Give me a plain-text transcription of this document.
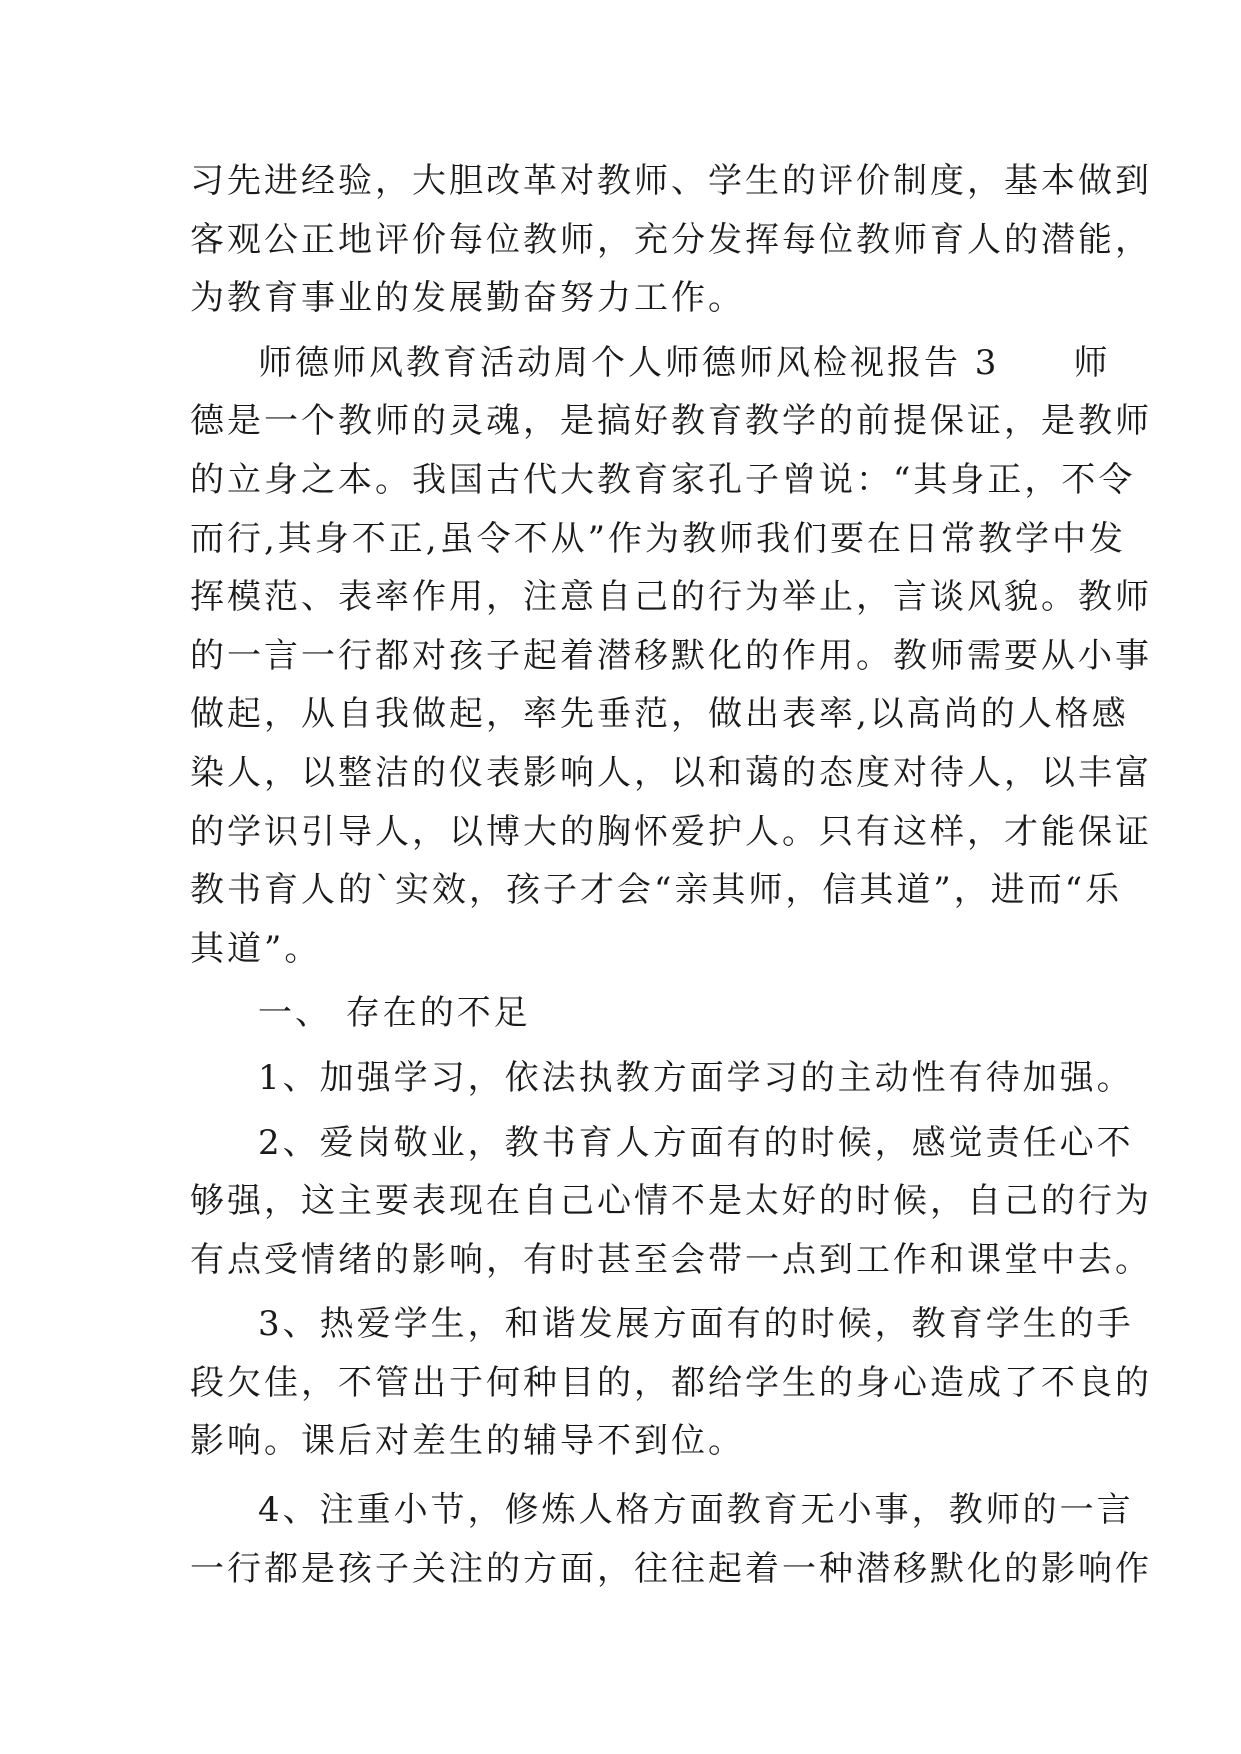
习先进经验，大胆改革对教师、学生的评价制度，基本做到
客观公正地评价每位教师，充分发挥每位教师育人的潜能，
为教育事业的发展勤奋努力工作。
师德师风教育活动周个人师德师风检视报告 3　　师
德是一个教师的灵魂，是搞好教育教学的前提保证，是教师
的立身之本。我国古代大教育家孔子曾说：“其身正，不令
而行,其身不正,虽令不从”作为教师我们要在日常教学中发
挥模范、表率作用，注意自己的行为举止，言谈风貌。教师
的一言一行都对孩子起着潜移默化的作用。教师需要从小事
做起，从自我做起，率先垂范，做出表率,以高尚的人格感
染人，以整洁的仪表影响人，以和蔼的态度对待人，以丰富
的学识引导人，以博大的胸怀爱护人。只有这样，才能保证
教书育人的`实效，孩子才会“亲其师，信其道”，进而“乐
其道”。
一、 存在的不足
1、加强学习，依法执教方面学习的主动性有待加强。
2、爱岗敬业，教书育人方面有的时候，感觉责任心不
够强，这主要表现在自己心情不是太好的时候，自己的行为
有点受情绪的影响，有时甚至会带一点到工作和课堂中去。
3、热爱学生，和谐发展方面有的时候，教育学生的手
段欠佳，不管出于何种目的，都给学生的身心造成了不良的
影响。课后对差生的辅导不到位。
4、注重小节，修炼人格方面教育无小事，教师的一言
一行都是孩子关注的方面，往往起着一种潜移默化的影响作
